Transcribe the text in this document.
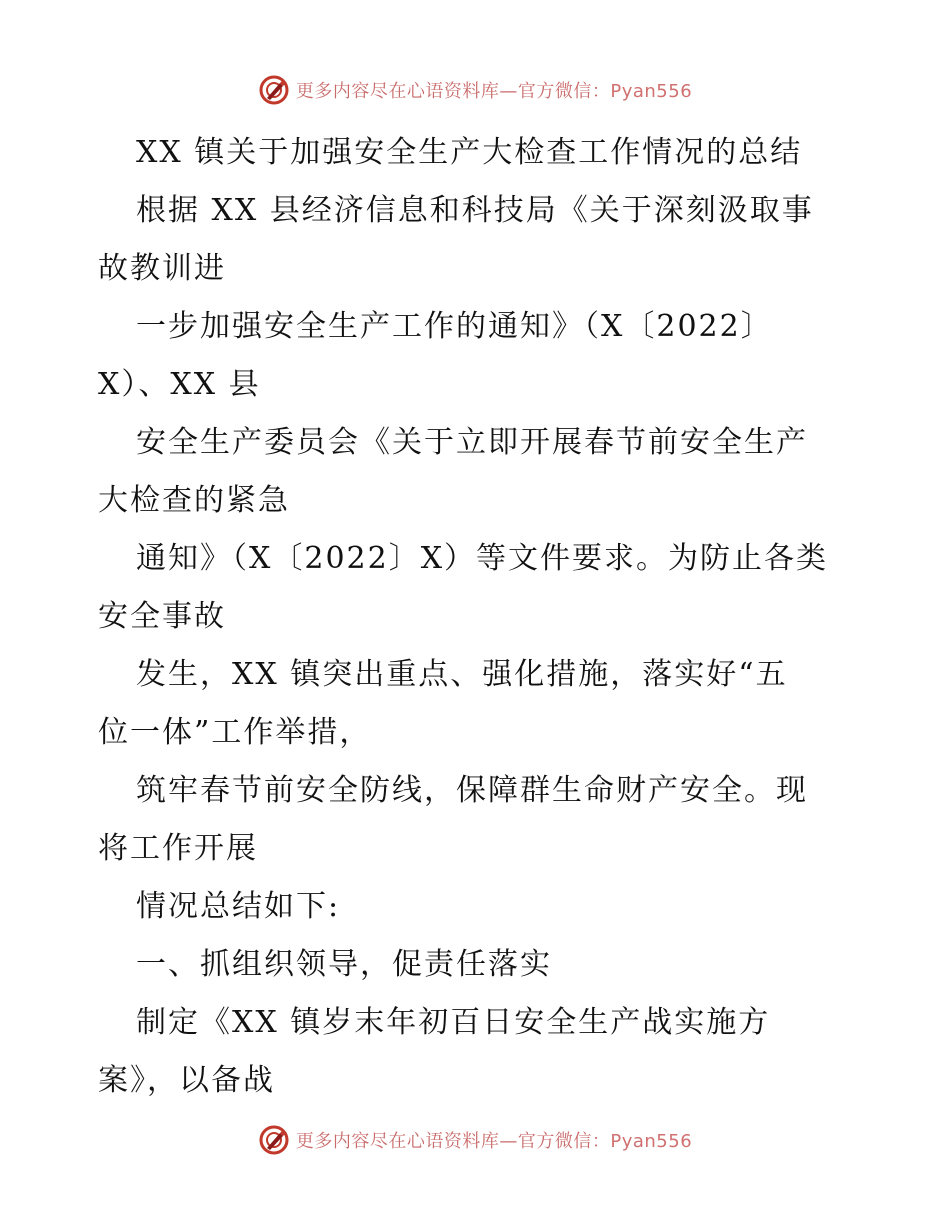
更多内容尽在心语资料库—官方微信：Pyan556
XX 镇关于加强安全生产大检查工作情况的总结
根据 XX 县经济信息和科技局《关于深刻汲取事
故教训进
一步加强安全生产工作的通知》（X〔2022〕
X）、XX 县
安全生产委员会《关于立即开展春节前安全生产
大检查的紧急
通知》（X〔2022〕X）等文件要求。为防止各类
安全事故
发生，XX 镇突出重点、强化措施，落实好“五
位一体”工作举措，
筑牢春节前安全防线，保障群生命财产安全。现
将工作开展
情况总结如下:
一、抓组织领导，促责任落实
制定《XX 镇岁末年初百日安全生产战实施方
案》，以备战
更多内容尽在心语资料库—官方微信：Pyan556
